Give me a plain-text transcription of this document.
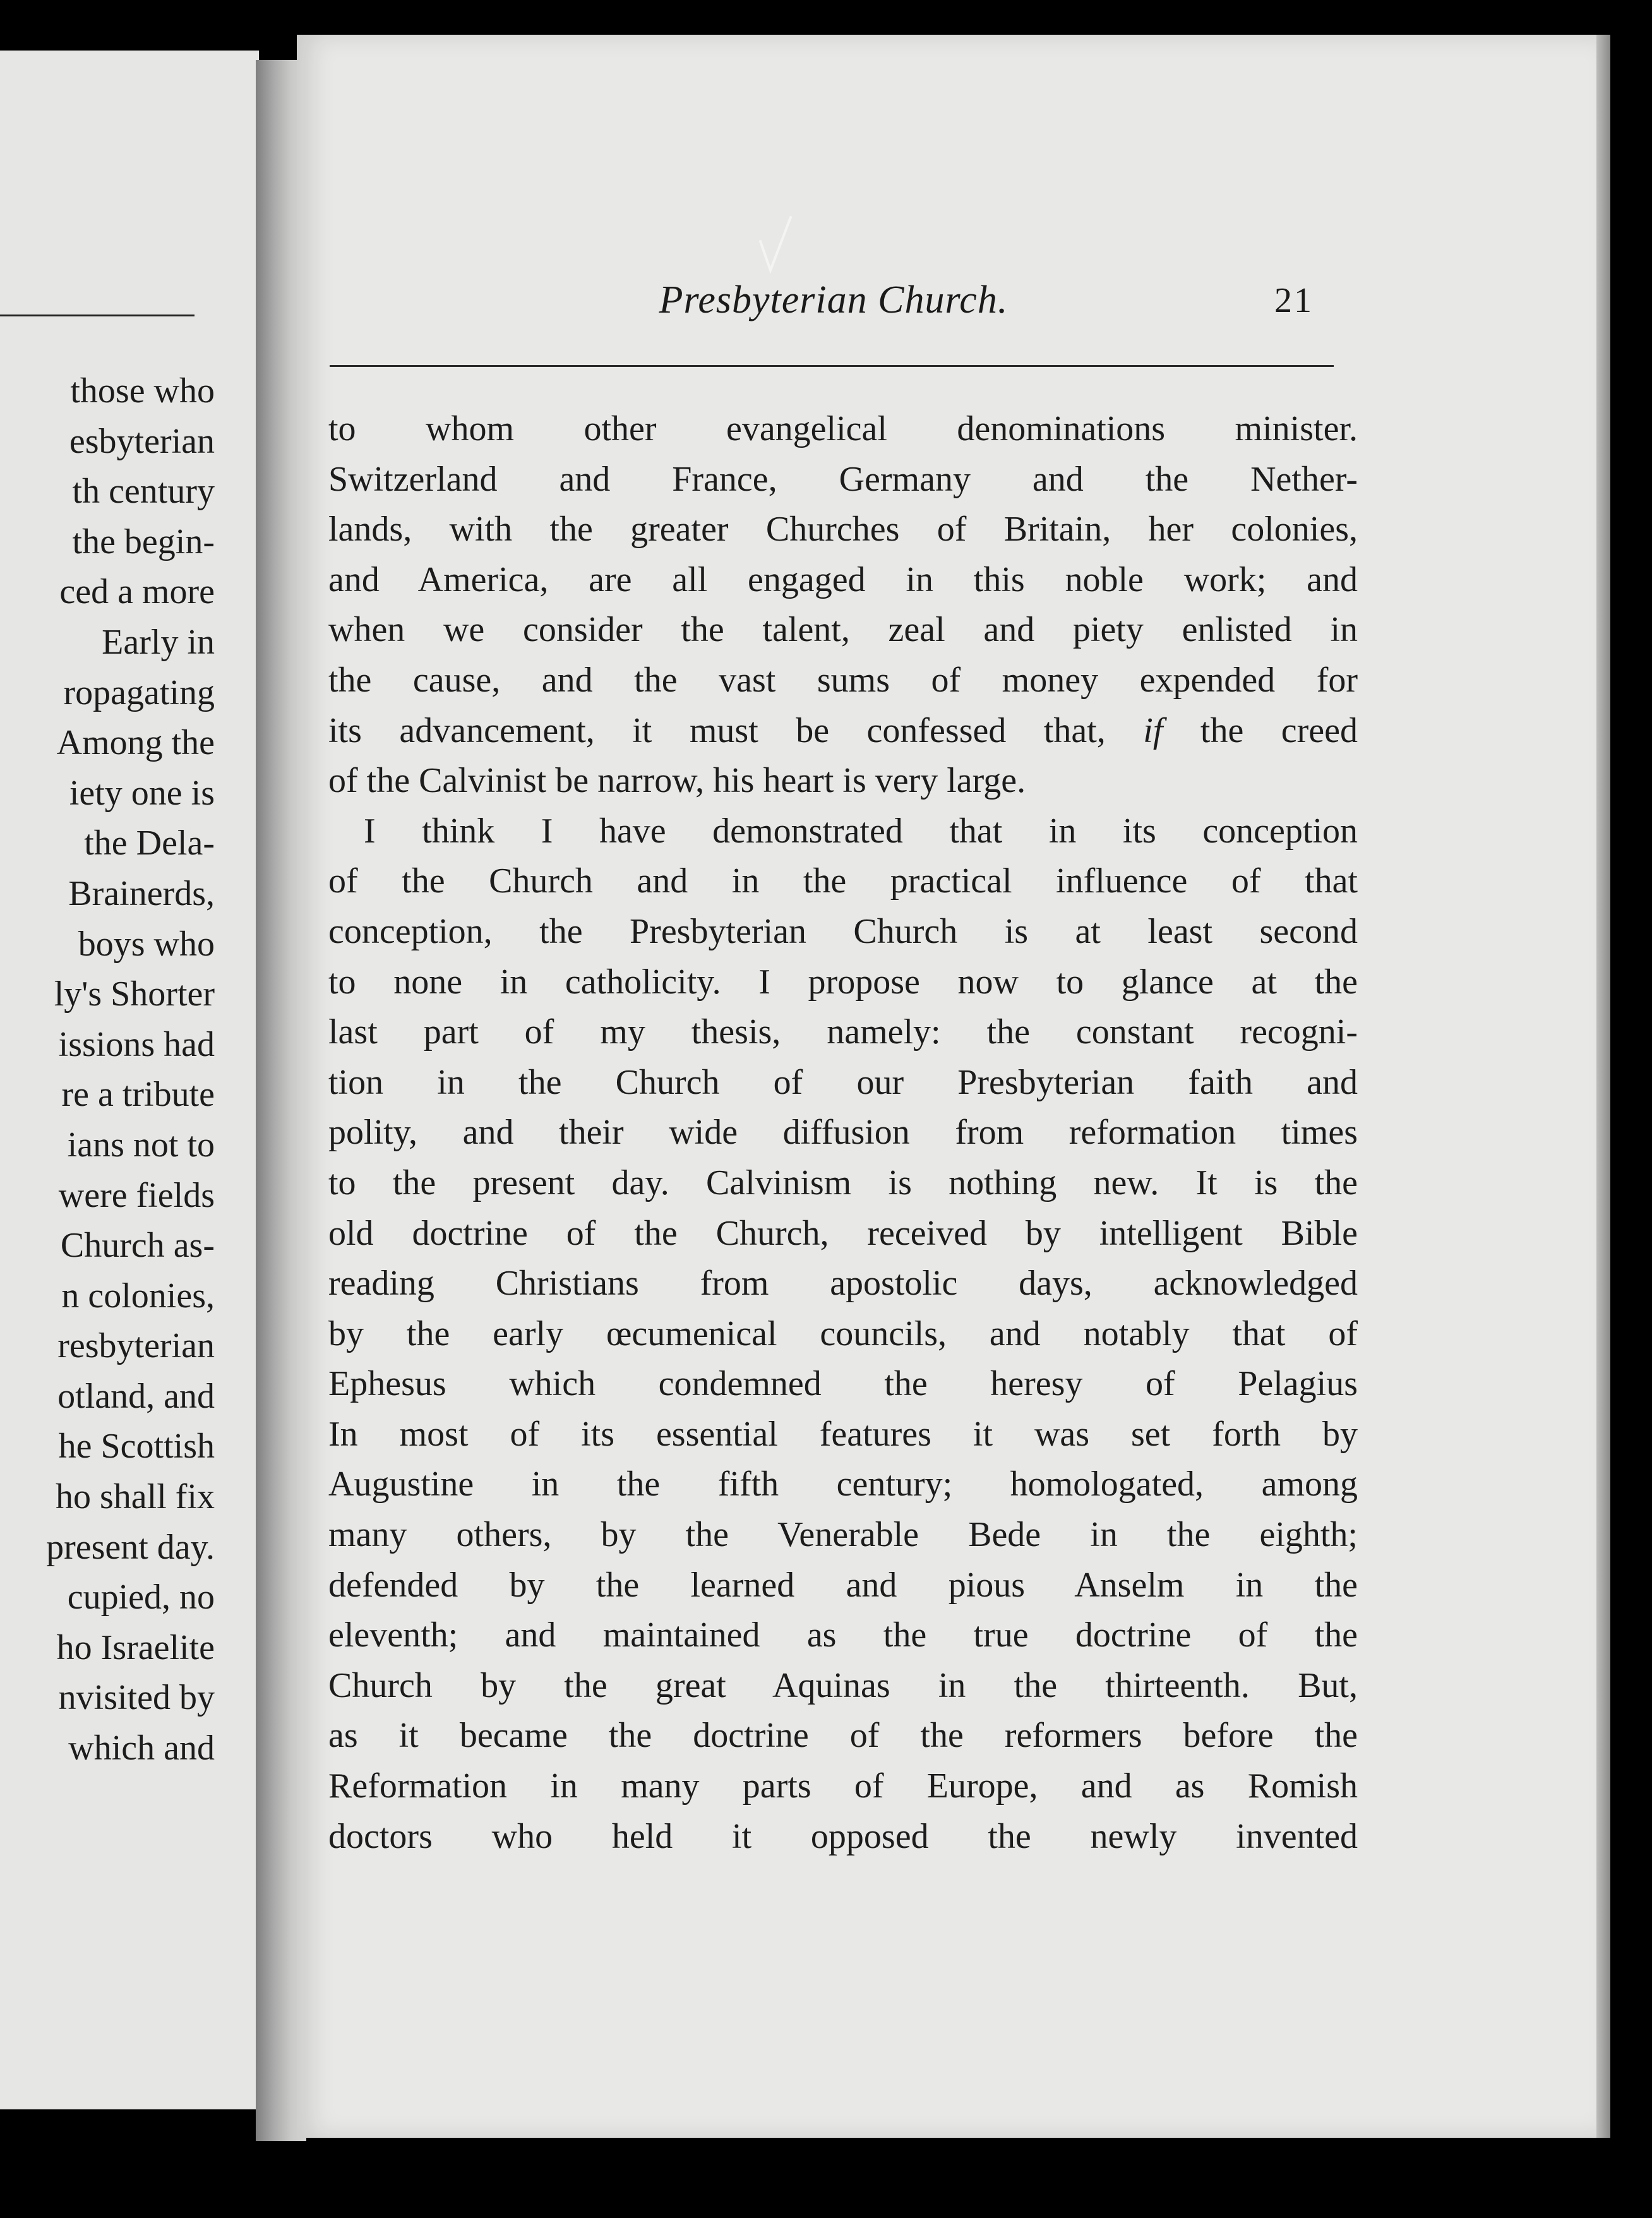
those who
esbyterian
th century
the begin-
ced a more
Early in
ropagating
Among the
iety one is
the Dela-
Brainerds,
boys who
ly's Shorter
issions had
re a tribute
ians not to
were fields
Church as-
n colonies,
resbyterian
otland, and
he Scottish
ho shall fix
present day.
cupied, no
ho Israelite
nvisited by
which and
Presbyterian Church.	21
to whom other evangelical denominations minister.
Switzerland and France, Germany and the Nether-
lands, with the greater Churches of Britain, her colonies,
and America, are all engaged in this noble work; and
when we consider the talent, zeal and piety enlisted in
the cause, and the vast sums of money expended for
its advancement, it must be confessed that, if the creed
of the Calvinist be narrow, his heart is very large.
I think I have demonstrated that in its conception
of the Church and in the practical influence of that
conception, the Presbyterian Church is at least second
to none in catholicity. I propose now to glance at the
last part of my thesis, namely: the constant recogni-
tion in the Church of our Presbyterian faith and
polity, and their wide diffusion from reformation times
to the present day. Calvinism is nothing new. It is the
old doctrine of the Church, received by intelligent Bible
reading Christians from apostolic days, acknowledged
by the early œcumenical councils, and notably that of
Ephesus which condemned the heresy of Pelagius
In most of its essential features it was set forth by
Augustine in the fifth century; homologated, among
many others, by the Venerable Bede in the eighth;
defended by the learned and pious Anselm in the
eleventh; and maintained as the true doctrine of the
Church by the great Aquinas in the thirteenth. But,
as it became the doctrine of the reformers before the
Reformation in many parts of Europe, and as Romish
doctors who held it opposed the newly invented
